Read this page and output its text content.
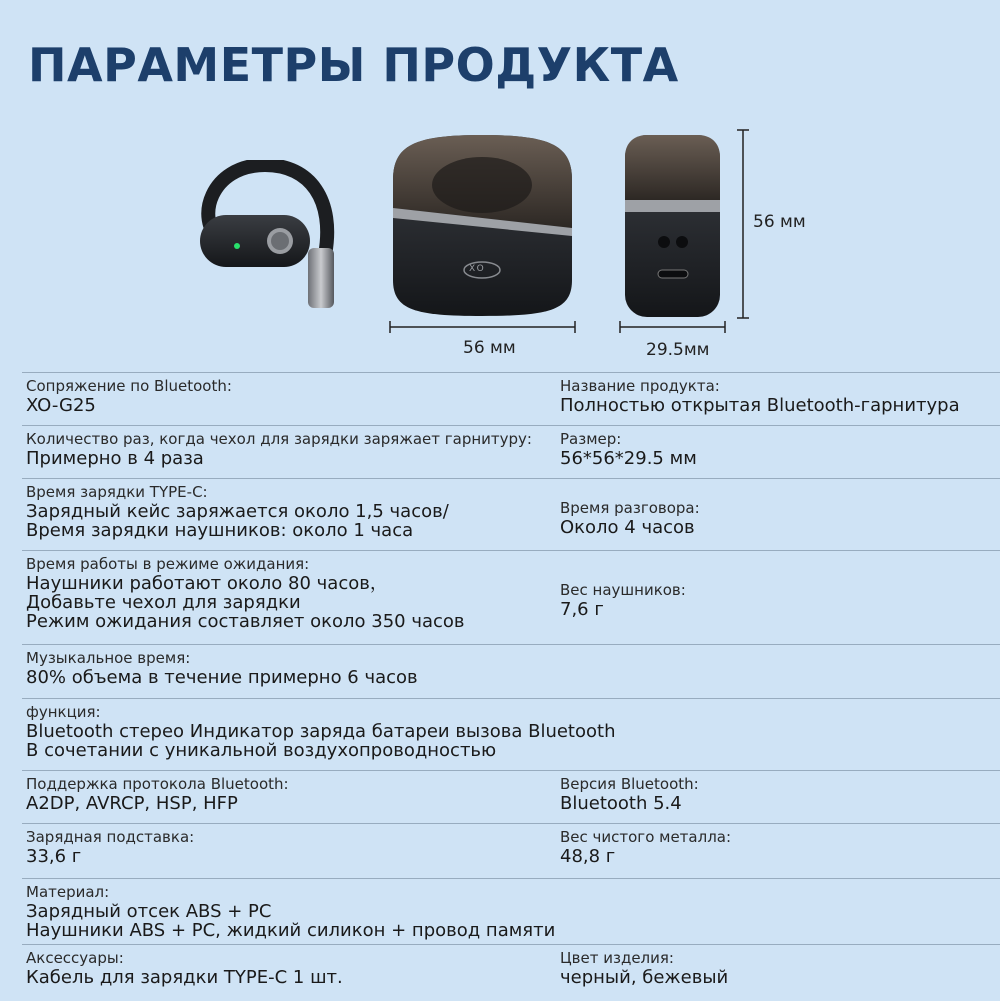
ПАРАМЕТРЫ ПРОДУКТА
56 мм	29.5мм
56 мм
XO
Сопряжение по Bluetooth:
XO-G25
Название продукта:
Полностью открытая Bluetooth-гарнитура
Количество раз, когда чехол для зарядки заряжает гарнитуру:
Примерно в 4 раза
Размер:
56*56*29.5 мм
Время зарядки TYPE-C:
Зарядный кейс заряжается около 1,5 часов/
Время зарядки наушников: около 1 часа
Время разговора:
Около 4 часов
Время работы в режиме ожидания:
Наушники работают около 80 часов，
Добавьте чехол для зарядки
Режим ожидания составляет около 350 часов
Вес наушников:
7,6 г
Музыкальное время:
80% объема в течение примерно 6 часов
функция:
Bluetooth стерео Индикатор заряда батареи вызова Bluetooth
В сочетании с уникальной воздухопроводностью
Поддержка протокола Bluetooth:
A2DP, AVRCP, HSP, HFP
Версия Bluetooth:
Bluetooth 5.4
Зарядная подставка:
33,6 г
Вес чистого металла:
48,8 г
Материал:
Зарядный отсек ABS + PC
Наушники ABS + PC, жидкий силикон + провод памяти
Аксессуары:
Кабель для зарядки TYPE-C 1 шт.
Цвет изделия:
черный, бежевый
